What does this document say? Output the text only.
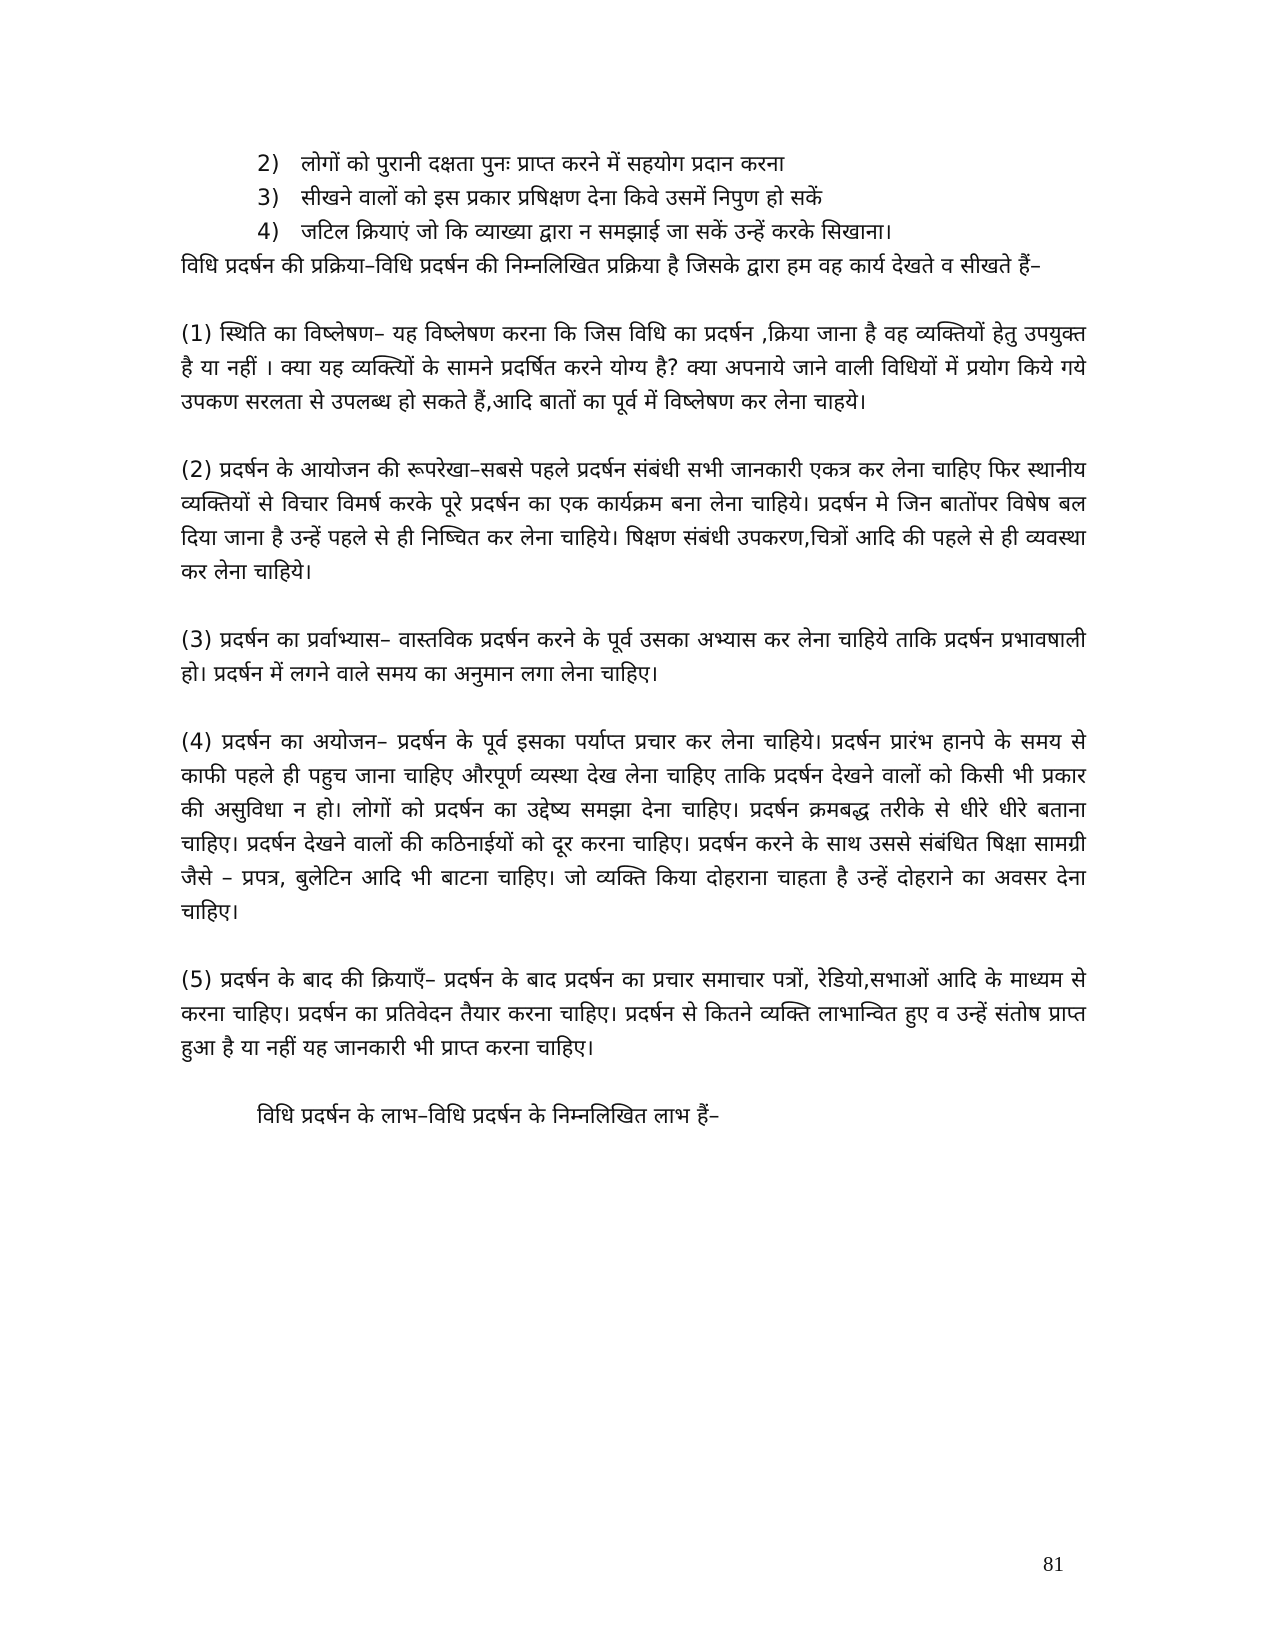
2) लोगों को पुरानी दक्षता पुनः प्राप्त करने में सहयोग प्रदान करना
3) सीखने वालों को इस प्रकार प्रषिक्षण देना किवे उसमें निपुण हो सकें
4) जटिल क्रियाएं जो कि व्याख्या द्वारा न समझाई जा सकें उन्हें करके सिखाना।

विधि प्रदर्षन की प्रक्रिया–विधि प्रदर्षन की निम्नलिखित प्रक्रिया है जिसके द्वारा हम वह कार्य देखते व सीखते हैं–

(1) स्थिति का विष्लेषण– यह विष्लेषण करना कि जिस विधि का प्रदर्षन ,क्रिया जाना है वह व्यक्तियों हेतु उपयुक्त है या नहीं । क्या यह व्यक्त्यिों के सामने प्रदर्षित करने योग्य है? क्या अपनाये जाने वाली विधियों में प्रयोग किये गये उपकण सरलता से उपलब्ध हो सकते हैं,आदि बातों का पूर्व में विष्लेषण कर लेना चाहये।

(2) प्रदर्षन के आयोजन की रूपरेखा–सबसे पहले प्रदर्षन संबंधी सभी जानकारी एकत्र कर लेना चाहिए फिर स्थानीय व्यक्तियों से विचार विमर्ष करके पूरे प्रदर्षन का एक कार्यक्रम बना लेना चाहिये। प्रदर्षन मे जिन बातोंपर विषेष बल दिया जाना है उन्हें पहले से ही निष्चित कर लेना चाहिये। षिक्षण संबंधी उपकरण,चित्रों आदि की पहले से ही व्यवस्था कर लेना चाहिये।

(3) प्रदर्षन का प्रर्वाभ्यास– वास्तविक प्रदर्षन करने के पूर्व उसका अभ्यास कर लेना चाहिये ताकि प्रदर्षन प्रभावषाली हो। प्रदर्षन में लगने वाले समय का अनुमान लगा लेना चाहिए।

(4) प्रदर्षन का अयोजन– प्रदर्षन के पूर्व इसका पर्याप्त प्रचार कर लेना चाहिये। प्रदर्षन प्रारंभ हानपे के समय से काफी पहले ही पहुच जाना चाहिए औरपूर्ण व्यस्था देख लेना चाहिए ताकि प्रदर्षन देखने वालों को किसी भी प्रकार की असुविधा न हो। लोगों को प्रदर्षन का उद्देष्य समझा देना चाहिए। प्रदर्षन क्रमबद्ध तरीके से धीरे धीरे बताना चाहिए। प्रदर्षन देखने वालों की कठिनाईयों को दूर करना चाहिए। प्रदर्षन करने के साथ उससे संबंधित षिक्षा सामग्री जैसे – प्रपत्र, बुलेटिन आदि भी बाटना चाहिए। जो व्यक्ति किया दोहराना चाहता है उन्हें दोहराने का अवसर देना चाहिए।

(5) प्रदर्षन के बाद की क्रियाएँ– प्रदर्षन के बाद प्रदर्षन का प्रचार समाचार पत्रों, रेडियो,सभाओं आदि के माध्यम से करना चाहिए। प्रदर्षन का प्रतिवेदन तैयार करना चाहिए। प्रदर्षन से कितने व्यक्ति लाभान्वित हुए व उन्हें संतोष प्राप्त हुआ है या नहीं यह जानकारी भी प्राप्त करना चाहिए।

विधि प्रदर्षन के लाभ–विधि प्रदर्षन के निम्नलिखित लाभ हैं–
81
